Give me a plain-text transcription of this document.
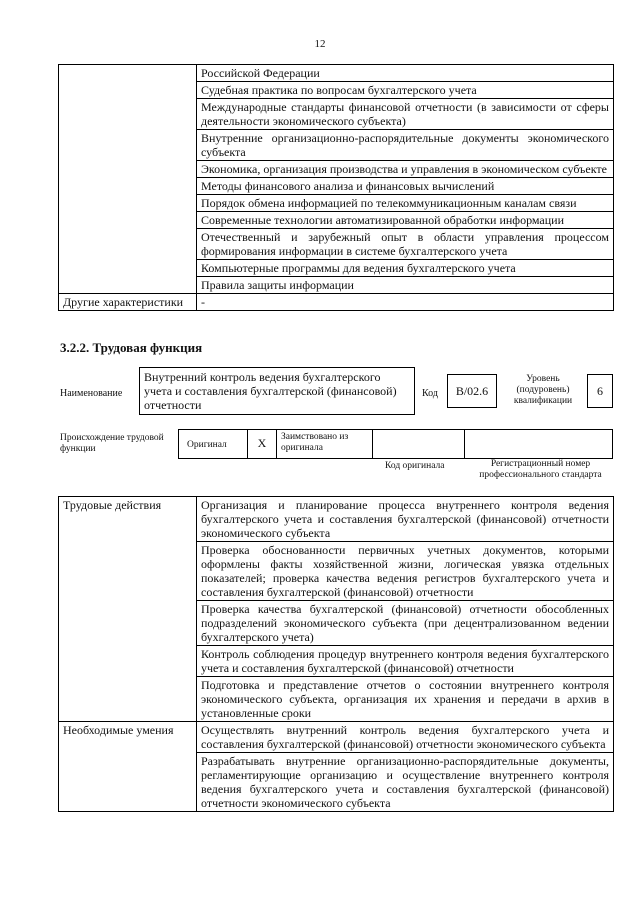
12
	Российской Федерации
	Судебная практика по вопросам бухгалтерского учета
	Международные стандарты финансовой отчетности (в зависимости от сферы деятельности экономического субъекта)
	Внутренние организационно-распорядительные документы экономического субъекта
	Экономика, организация производства и управления в экономическом субъекте
	Методы финансового анализа и финансовых вычислений
	Порядок обмена информацией по телекоммуникационным каналам связи
	Современные технологии автоматизированной обработки информации
	Отечественный и зарубежный опыт в области управления процессом формирования информации в системе бухгалтерского учета
	Компьютерные программы для ведения бухгалтерского учета
	Правила защиты информации
Другие характеристики	-
3.2.2. Трудовая функция
Наименование
Внутренний контроль ведения бухгалтерского учета и составления бухгалтерской (финансовой) отчетности
Код	B/02.6
Уровень (подуровень) квалификации
6
Происхождение трудовой функции	Оригинал	X	Заимствовано из оригинала
Код оригинала	Регистрационный номер профессионального стандарта
Трудовые действия	Организация и планирование процесса внутреннего контроля ведения бухгалтерского учета и составления бухгалтерской (финансовой) отчетности экономического субъекта
	Проверка обоснованности первичных учетных документов, которыми оформлены факты хозяйственной жизни, логическая увязка отдельных показателей; проверка качества ведения регистров бухгалтерского учета и составления бухгалтерской (финансовой) отчетности
	Проверка качества бухгалтерской (финансовой) отчетности обособленных подразделений экономического субъекта (при децентрализованном ведении бухгалтерского учета)
	Контроль соблюдения процедур внутреннего контроля ведения бухгалтерского учета и составления бухгалтерской (финансовой) отчетности
	Подготовка и представление отчетов о состоянии внутреннего контроля экономического субъекта, организация их хранения и передачи в архив в установленные сроки
Необходимые умения	Осуществлять внутренний контроль ведения бухгалтерского учета и составления бухгалтерской (финансовой) отчетности экономического субъекта
	Разрабатывать внутренние организационно-распорядительные документы, регламентирующие организацию и осуществление внутреннего контроля ведения бухгалтерского учета и составления бухгалтерской (финансовой) отчетности экономического субъекта
